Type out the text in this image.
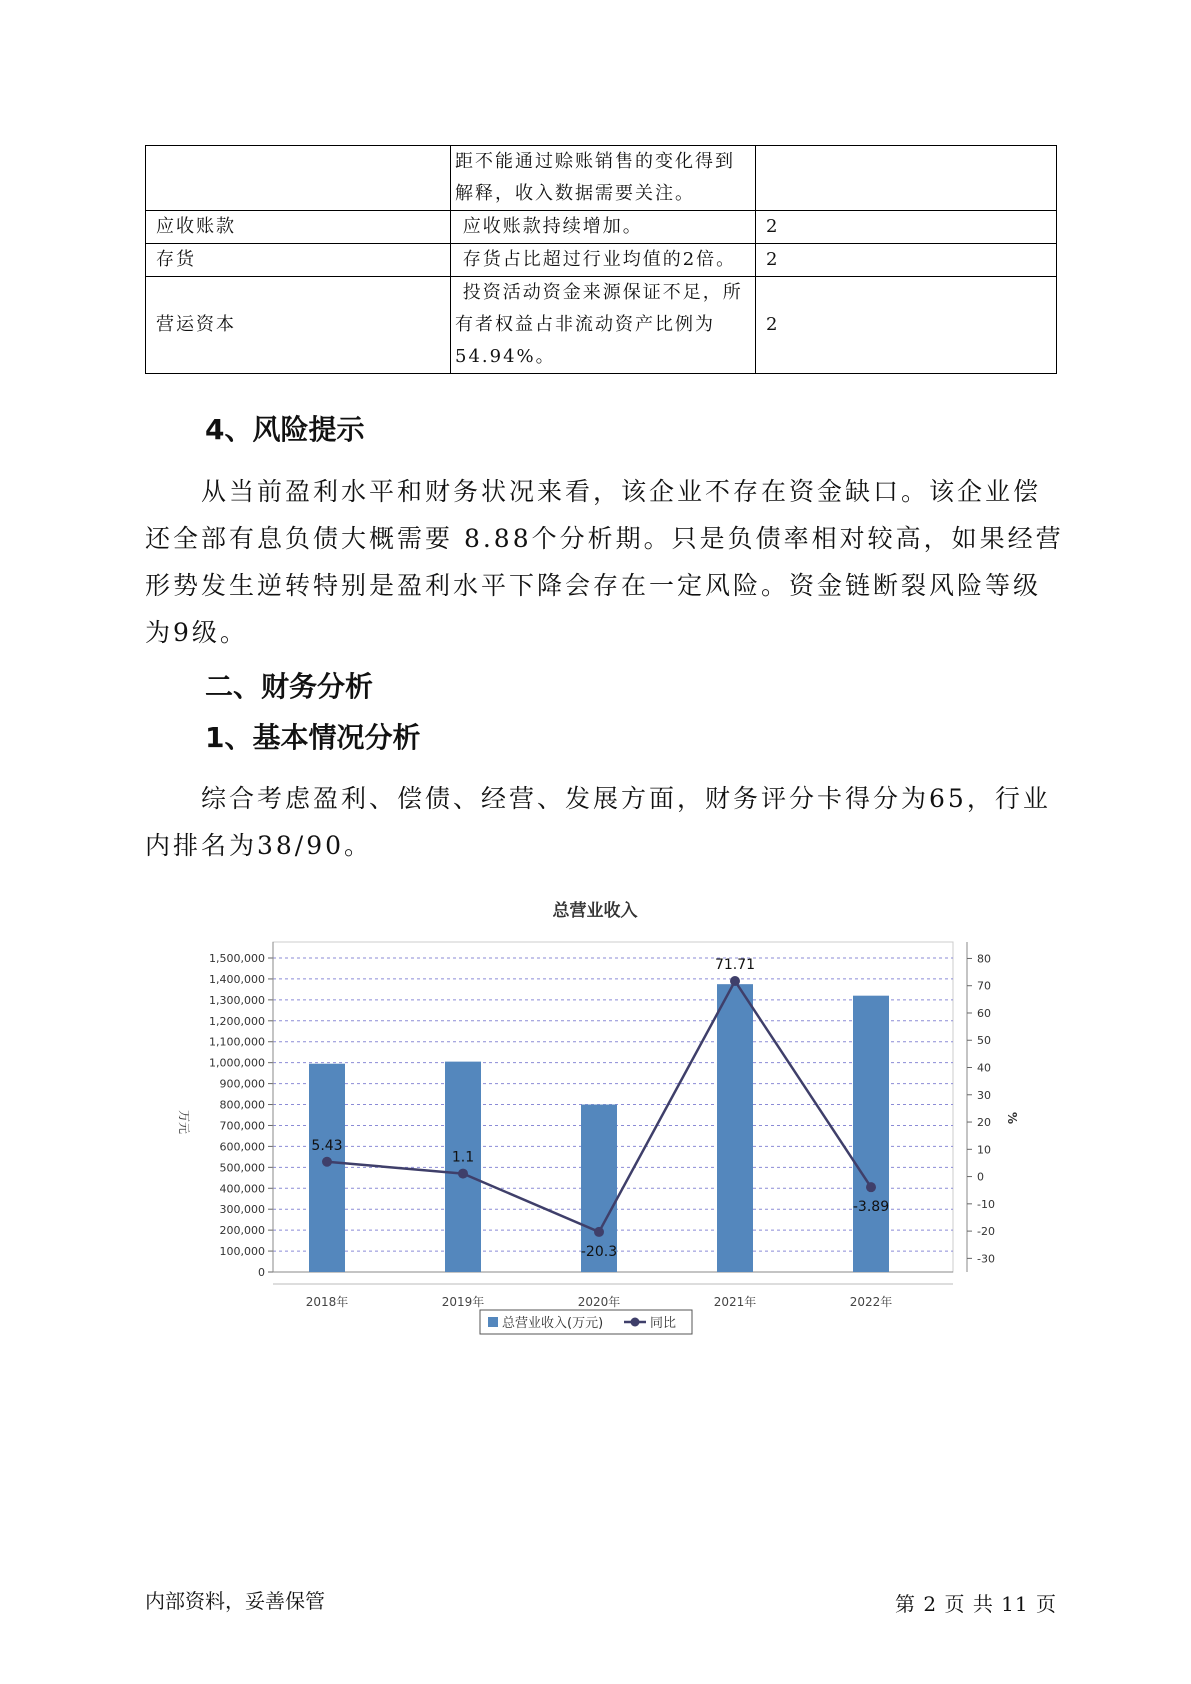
	距不能通过赊账销售的变化得到
解释，收入数据需要关注。	

应收账款	应收账款持续增加。	2
存货	存货占比超过行业均值的2倍。	2
营运资本	投资活动资金来源保证不足，所
有者权益占非流动资产比例为
54.94%。	2
4、风险提示
从当前盈利水平和财务状况来看，该企业不存在资金缺口。该企业偿还全部有息负债大概需要 8.88个分析期。只是负债率相对较高，如果经营形势发生逆转特别是盈利水平下降会存在一定风险。资金链断裂风险等级为9级。
二、财务分析
1、基本情况分析
综合考虑盈利、偿债、经营、发展方面，财务评分卡得分为65，行业内排名为38/90。
总营业收入
0
100,000
200,000
300,000
400,000
500,000
600,000
700,000
800,000
900,000
1,000,000
1,100,000
1,200,000
1,300,000
1,400,000
1,500,000
-30
-20
-10
0
10
20
30
40
50
60
70
80
万元	%
2018年	2019年	2020年	2021年	2022年
5.43
1.1
-20.3
71.71
-3.89
总营业收入(万元)	同比
内部资料，妥善保管	第 2 页 共 11 页
